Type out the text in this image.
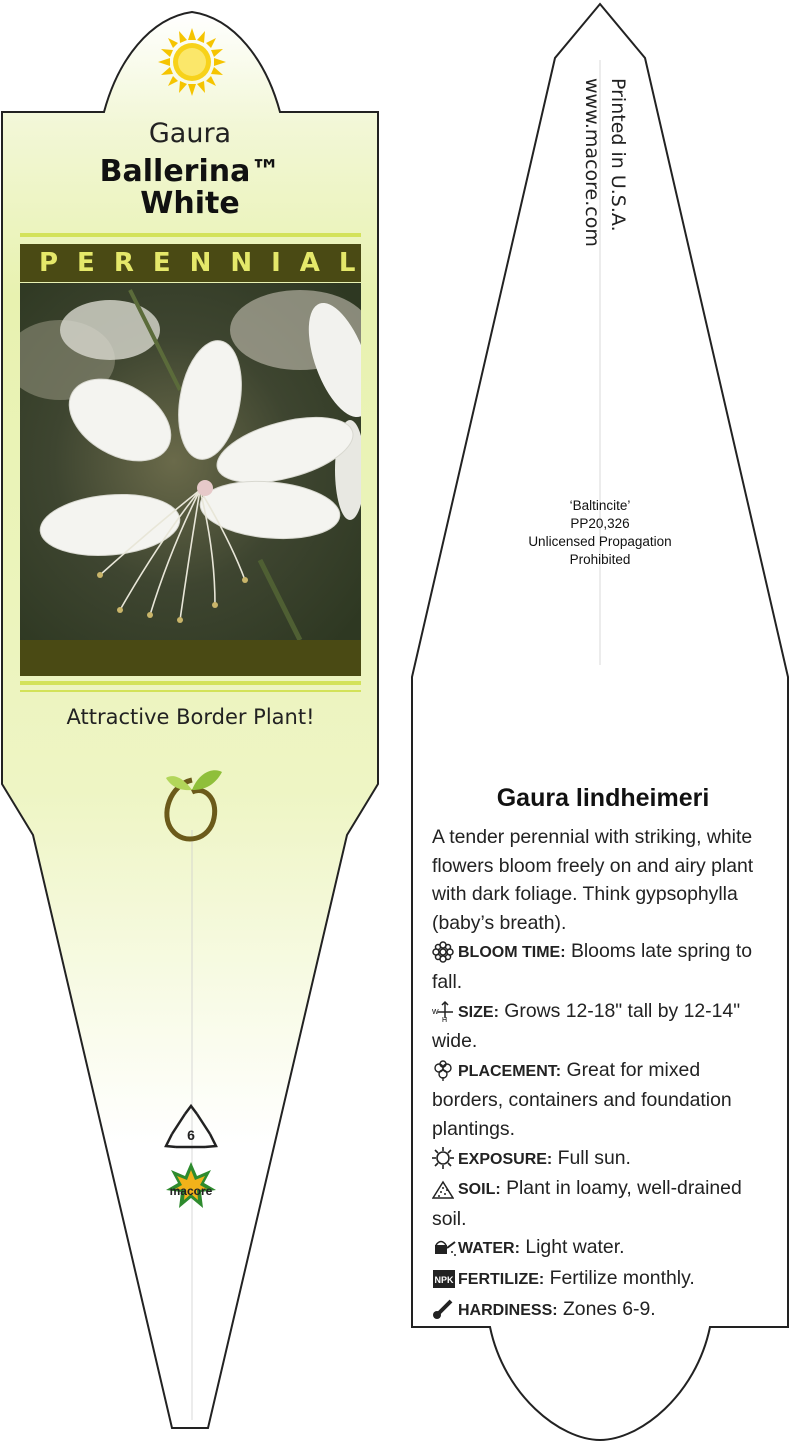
Gaura
Ballerina™
White
PERENNIAL
Attractive Border Plant!
6
macore
Printed in U.S.A.
www.macore.com
‘Baltincite’
PP20,326
Unlicensed Propagation
Prohibited
Gaura lindheimeri

A tender perennial with striking, white flowers bloom freely on and airy plant with dark foliage. Think gypsophylla (baby’s breath).

BLOOM TIME: Blooms late spring to fall.

W
H
SIZE: Grows 12-18" tall by 12-14" wide.

PLACEMENT: Great for mixed borders, containers and foundation plantings.

EXPOSURE: Full sun.

SOIL: Plant in loamy, well-drained soil.

WATER: Light water.

NPK FERTILIZE: Fertilize monthly.

HARDINESS: Zones 6-9.
